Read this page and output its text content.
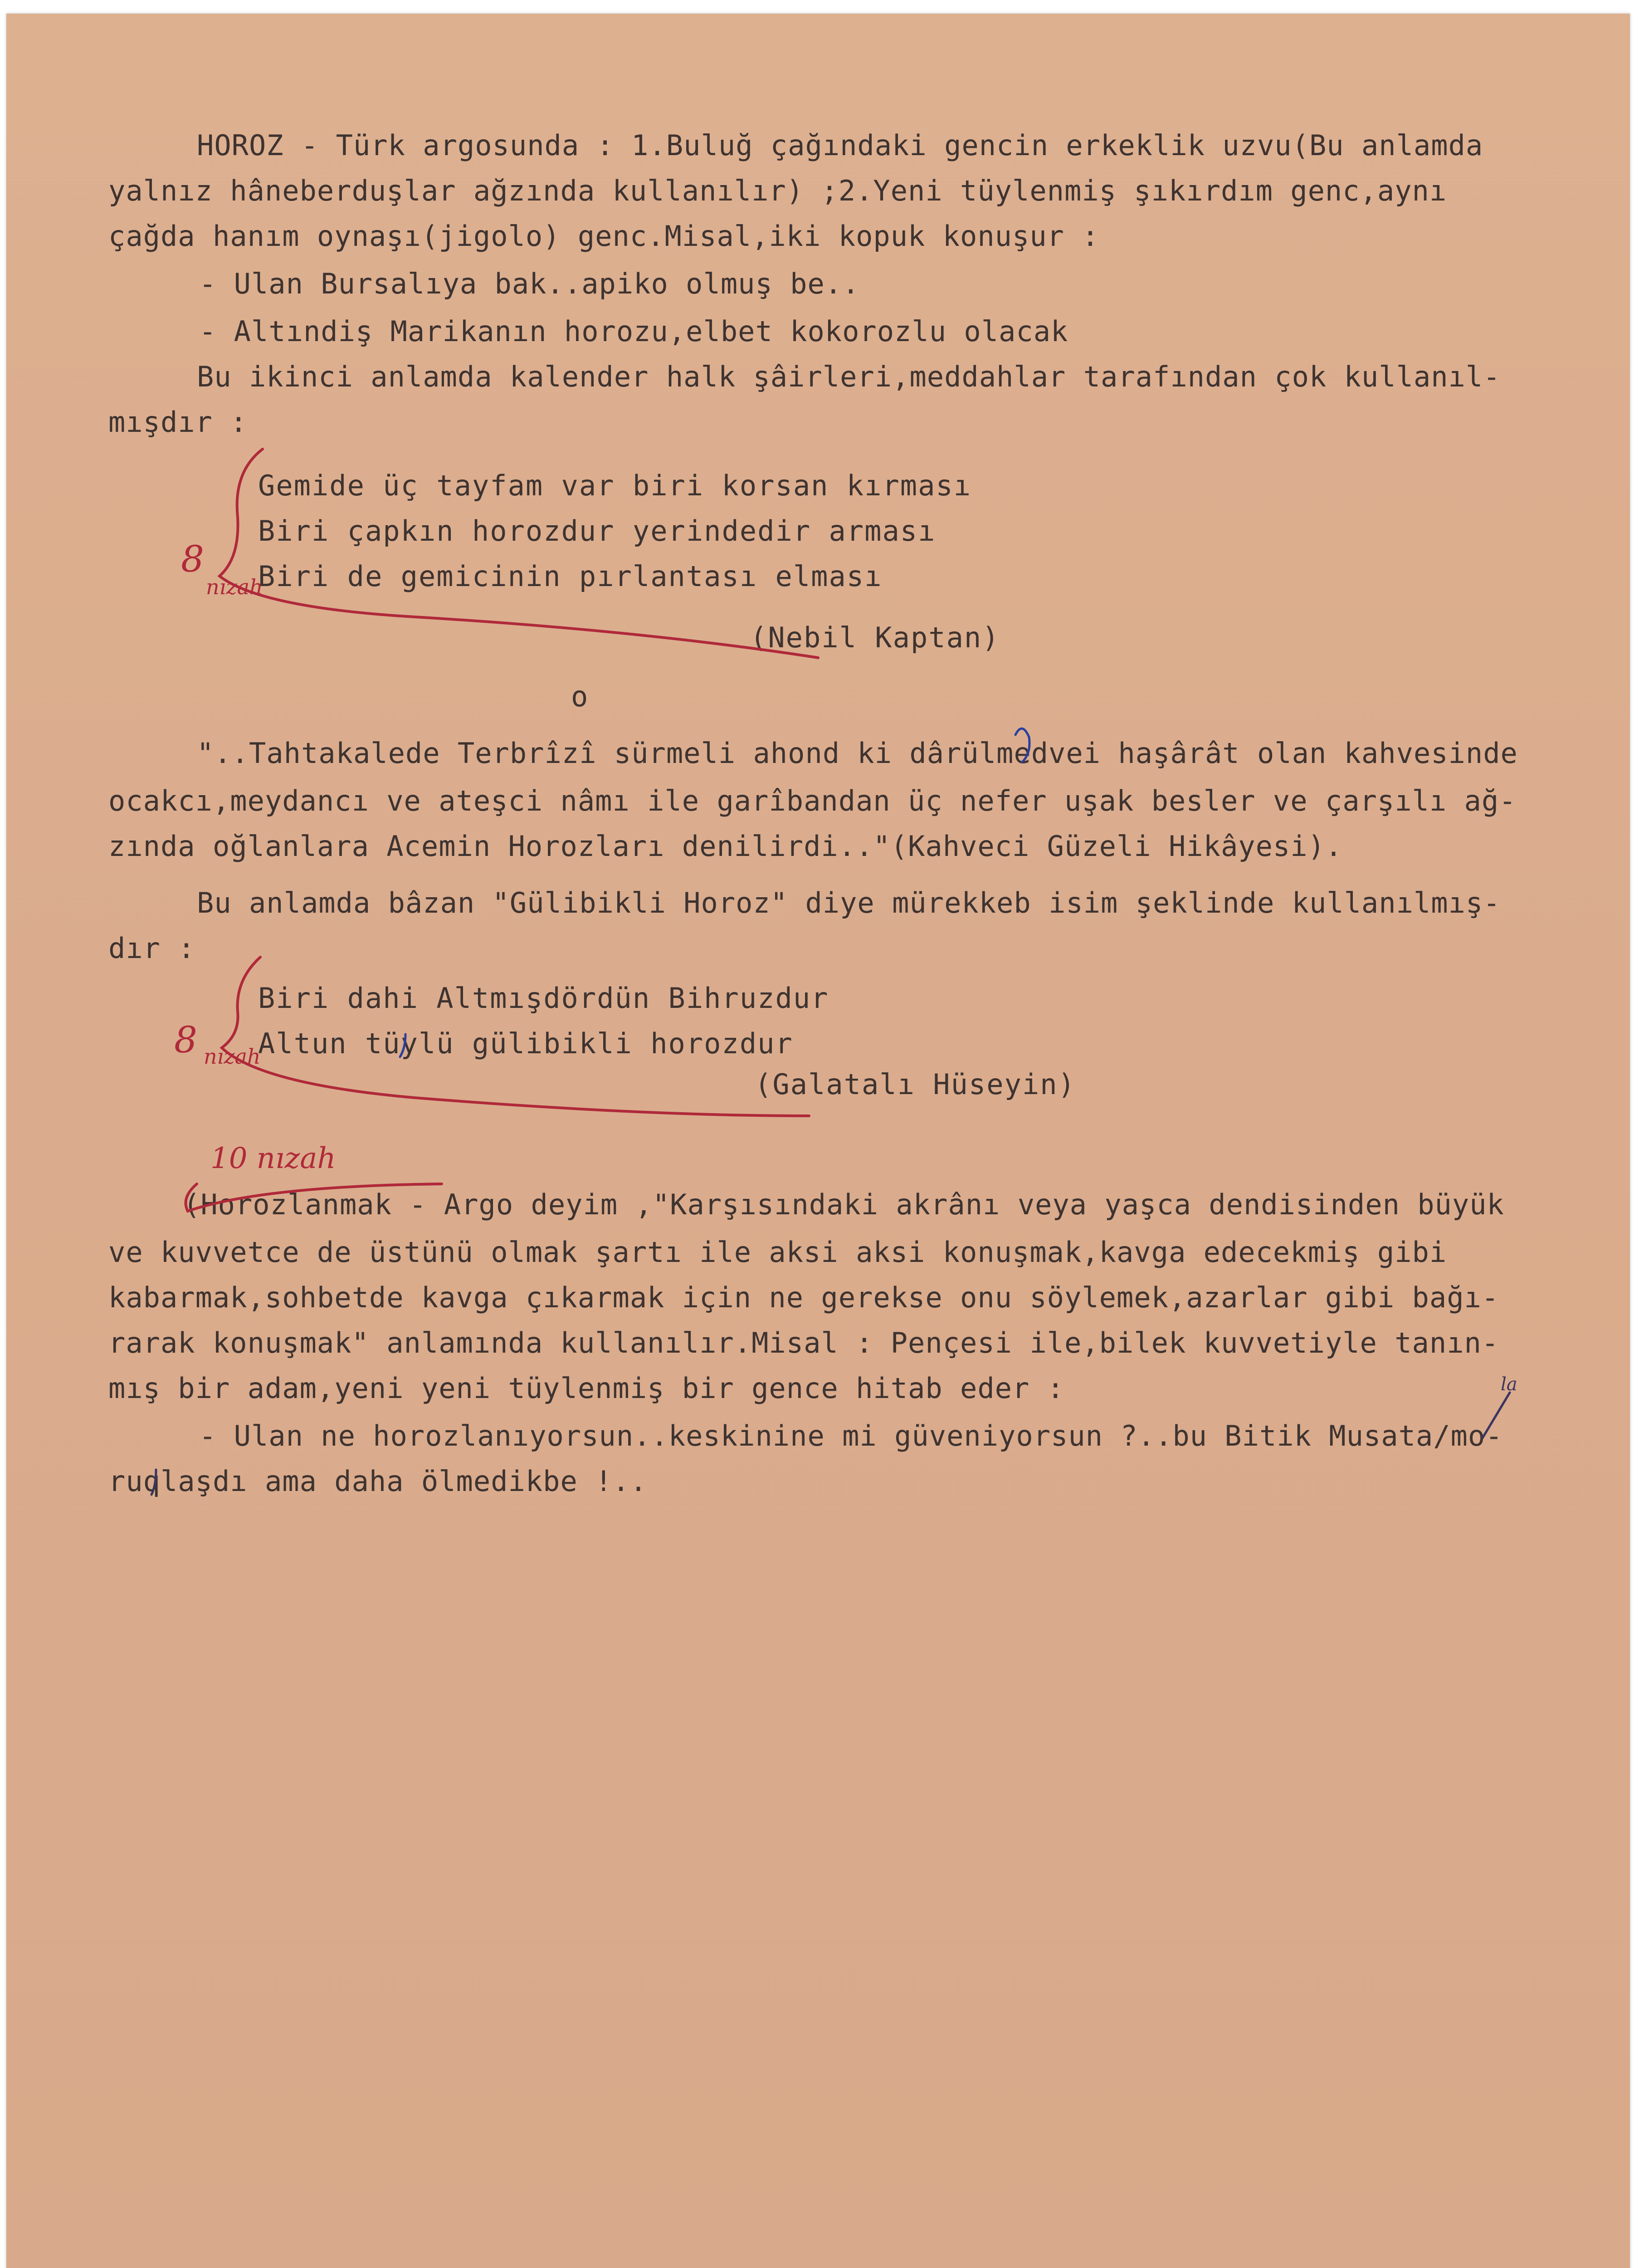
HOROZ - Türk argosunda : 1.Buluğ çağındaki gencin erkeklik uzvu(Bu anlamda
yalnız hâneberduşlar ağzında kullanılır) ;2.Yeni tüylenmiş şıkırdım genc,aynı
çağda hanım oynaşı(jigolo) genc.Misal,iki kopuk konuşur :
- Ulan Bursalıya bak..apiko olmuş be..
- Altındiş Marikanın horozu,elbet kokorozlu olacak
Bu ikinci anlamda kalender halk şâirleri,meddahlar tarafından çok kullanıl-
mışdır :
Gemide üç tayfam var biri korsan kırması
Biri çapkın horozdur yerindedir arması
Biri de gemicinin pırlantası elması
(Nebil Kaptan)
o
"..Tahtakalede Terbrîzî sürmeli ahond ki dârülmedvei haşârât olan kahvesinde
ocakcı,meydancı ve ateşci nâmı ile garîbandan üç nefer uşak besler ve çarşılı ağ-
zında oğlanlara Acemin Horozları denilirdi.."(Kahveci Güzeli Hikâyesi).
Bu anlamda bâzan "Gülibikli Horoz" diye mürekkeb isim şeklinde kullanılmış-
dır :
Biri dahi Altmışdördün Bihruzdur
Altun tüylü gülibikli horozdur
(Galatalı Hüseyin)
(Horozlanmak - Argo deyim ,"Karşısındaki akrânı veya yaşca dendisinden büyük
ve kuvvetce de üstünü olmak şartı ile aksi aksi konuşmak,kavga edecekmiş gibi
kabarmak,sohbetde kavga çıkarmak için ne gerekse onu söylemek,azarlar gibi bağı-
rarak konuşmak" anlamında kullanılır.Misal : Pençesi ile,bilek kuvvetiyle tanın-
mış bir adam,yeni yeni tüylenmiş bir gence hitab eder :
- Ulan ne horozlanıyorsun..keskinine mi güveniyorsun ?..bu Bitik Musata/mo-
ruqlaşdı ama daha ölmedikbe !..
8
nızah
8 nızah
10 nızah
la
